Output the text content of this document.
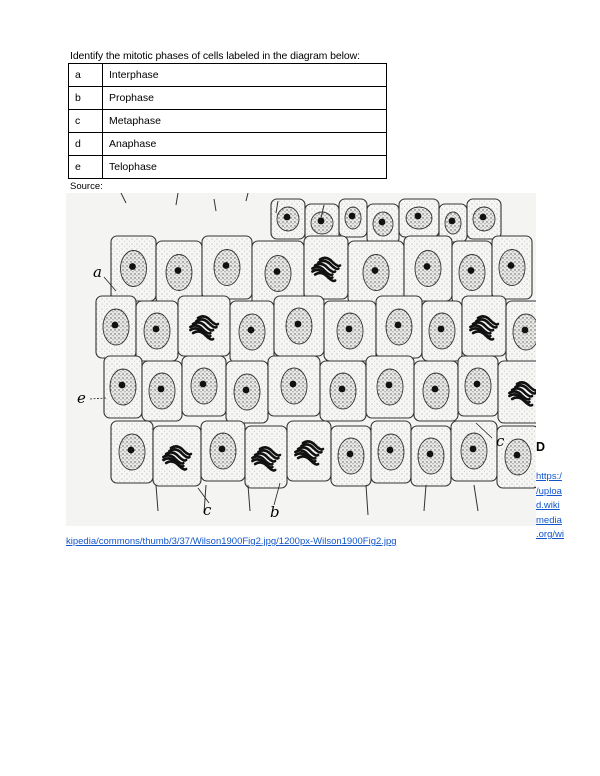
Identify the mitotic phases of cells labeled in the diagram below:
a	Interphase
b	Prophase
c	Metaphase
d	Anaphase
e	Telophase
Source:
a
e
c
c	b
D
https:/
/uploa
d.wiki
media
.org/wi
kipedia/commons/thumb/3/37/Wilson1900Fig2.jpg/1200px-Wilson1900Fig2.jpg
